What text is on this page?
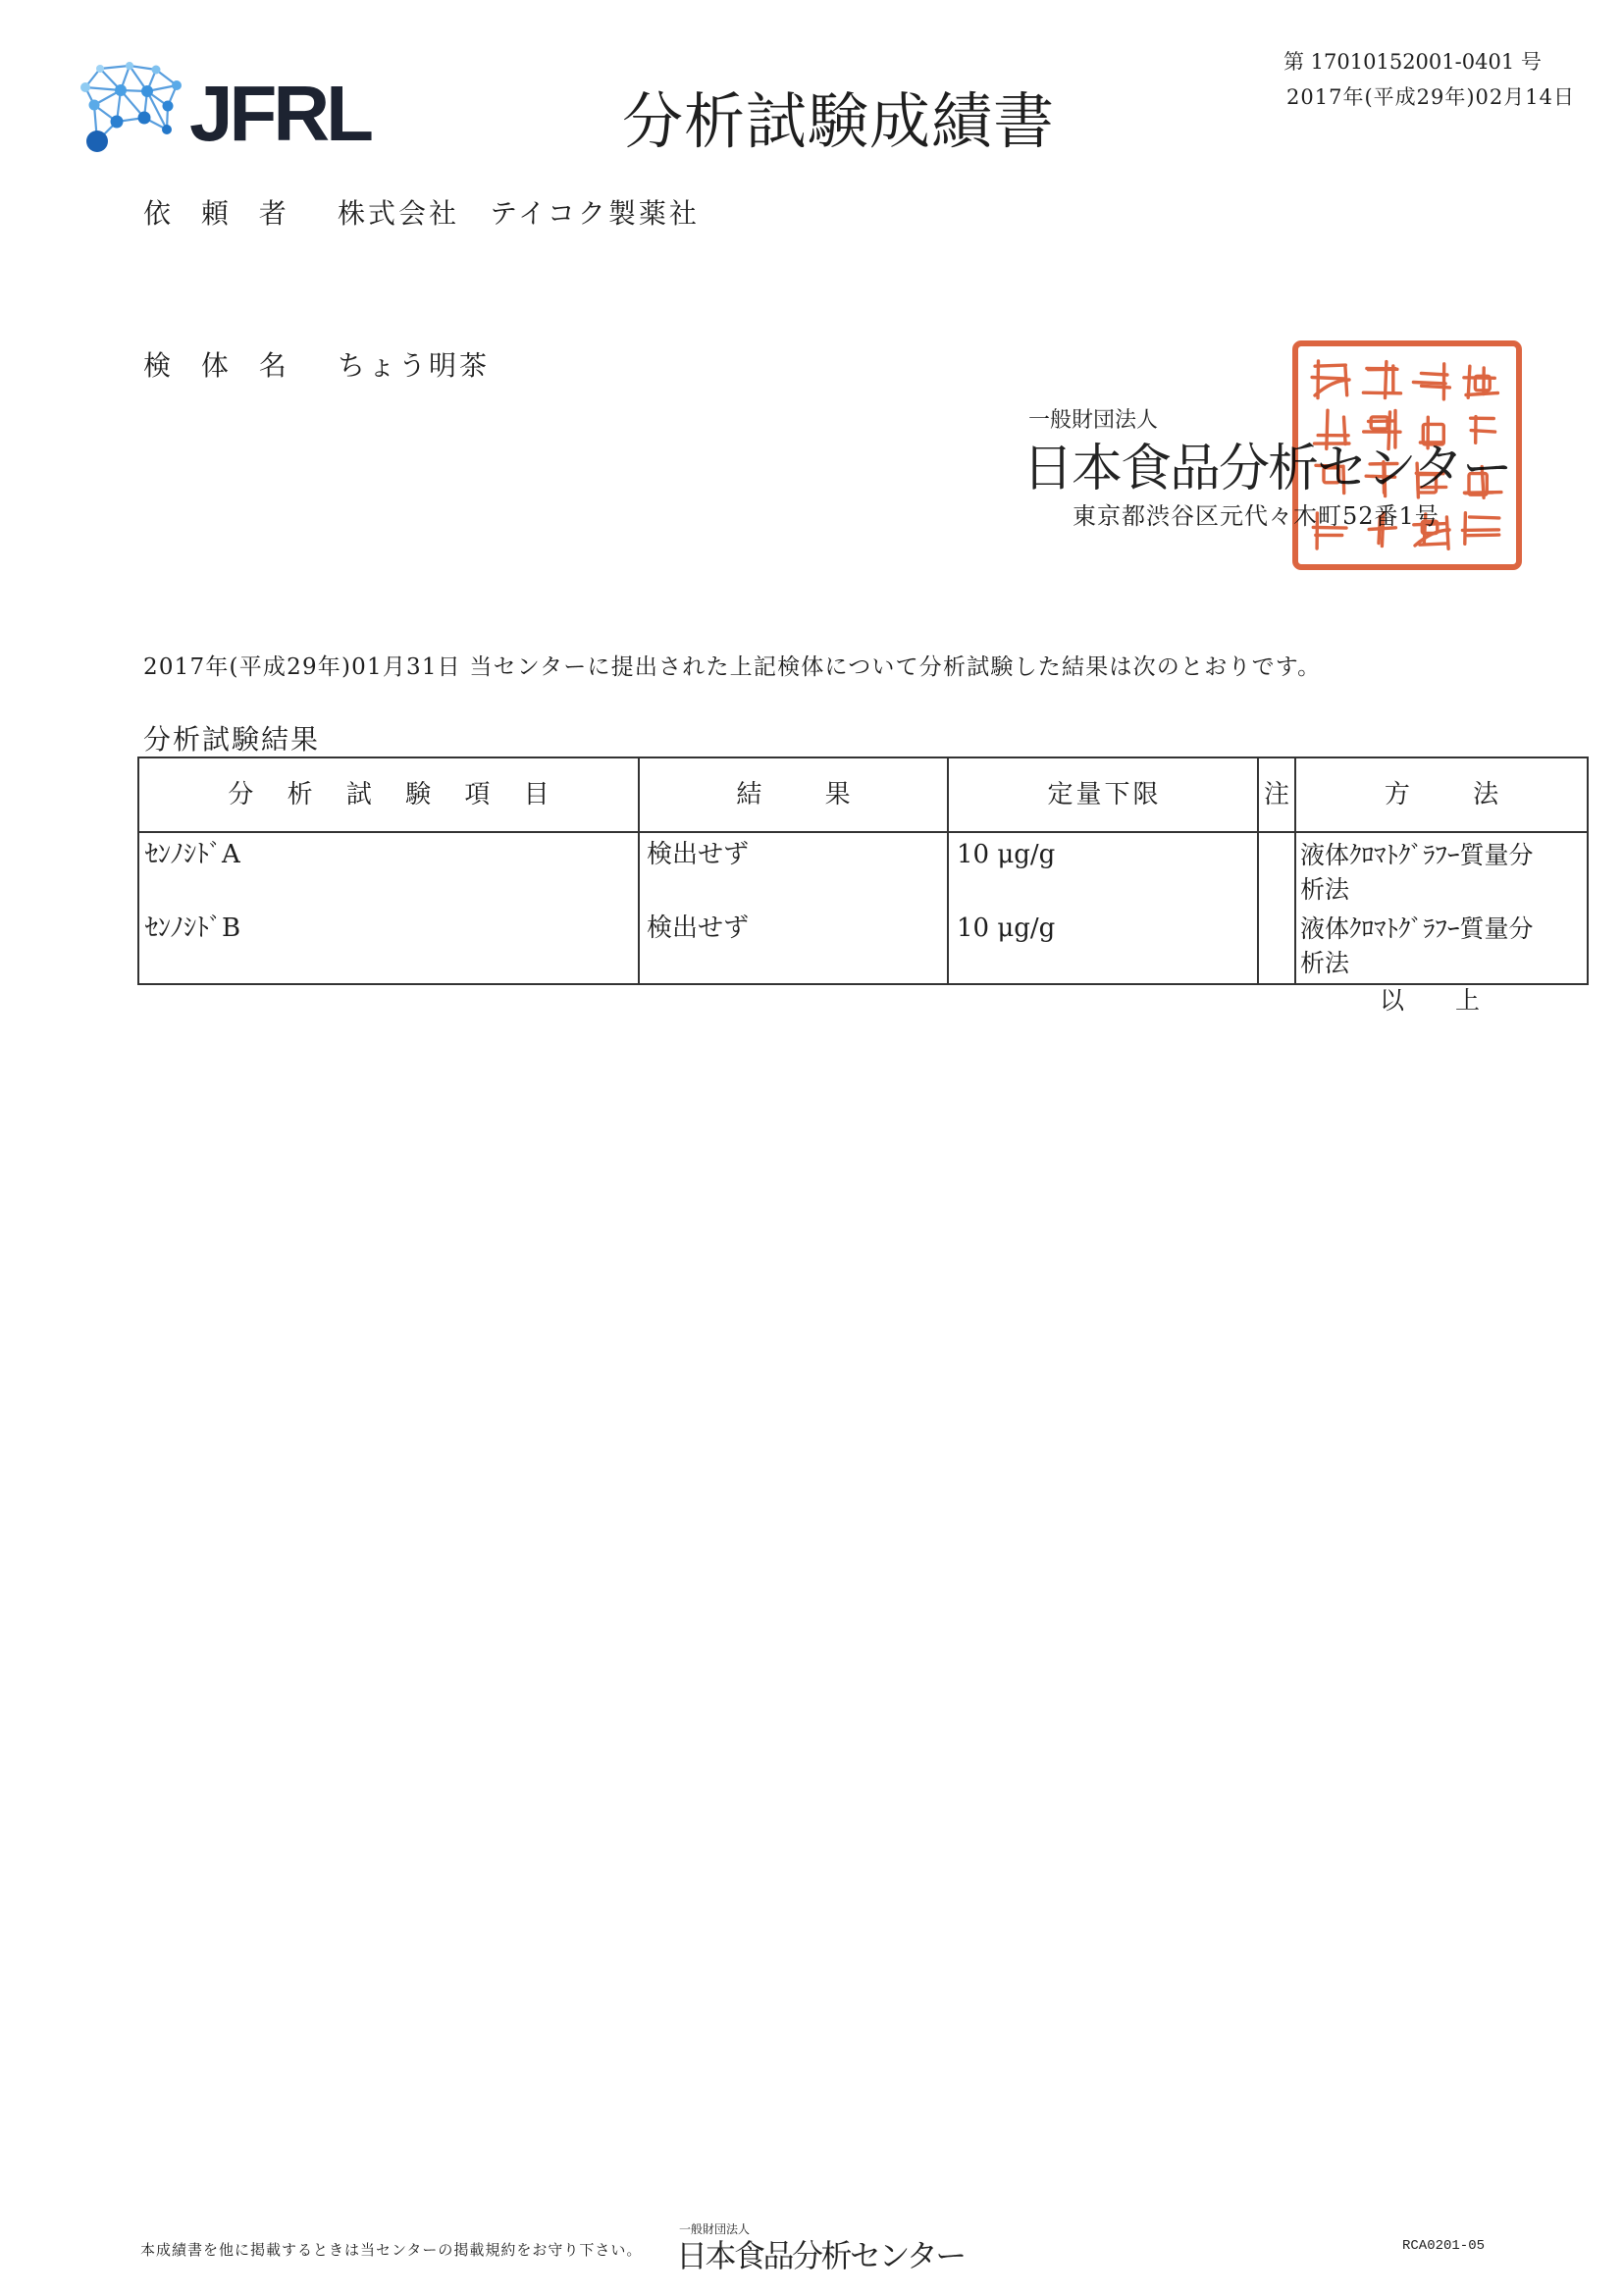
JFRL	分析試験成績書
第 17010152001-0401 号
2017年(平成29年)02月14日
依 頼 者 株式会社　テイコク製薬社
検 体 名 ちょう明茶
一般財団法人
日本食品分析センター
東京都渋谷区元代々木町52番1号
2017年(平成29年)01月31日 当センターに提出された上記検体について分析試験した結果は次のとおりです。
分析試験結果
分 析 試 験 項 目	結 果	定量下限	注	方 法
ｾﾝﾉｼﾄﾞA	検出せず	10 μg/g		液体ｸﾛﾏﾄｸﾞﾗﾌｰ質量分
析法
ｾﾝﾉｼﾄﾞB	検出せず	10 μg/g		液体ｸﾛﾏﾄｸﾞﾗﾌｰ質量分
析法
以 上
本成績書を他に掲載するときは当センターの掲載規約をお守り下さい。
一般財団法人
日本食品分析センター	RCA0201-05
